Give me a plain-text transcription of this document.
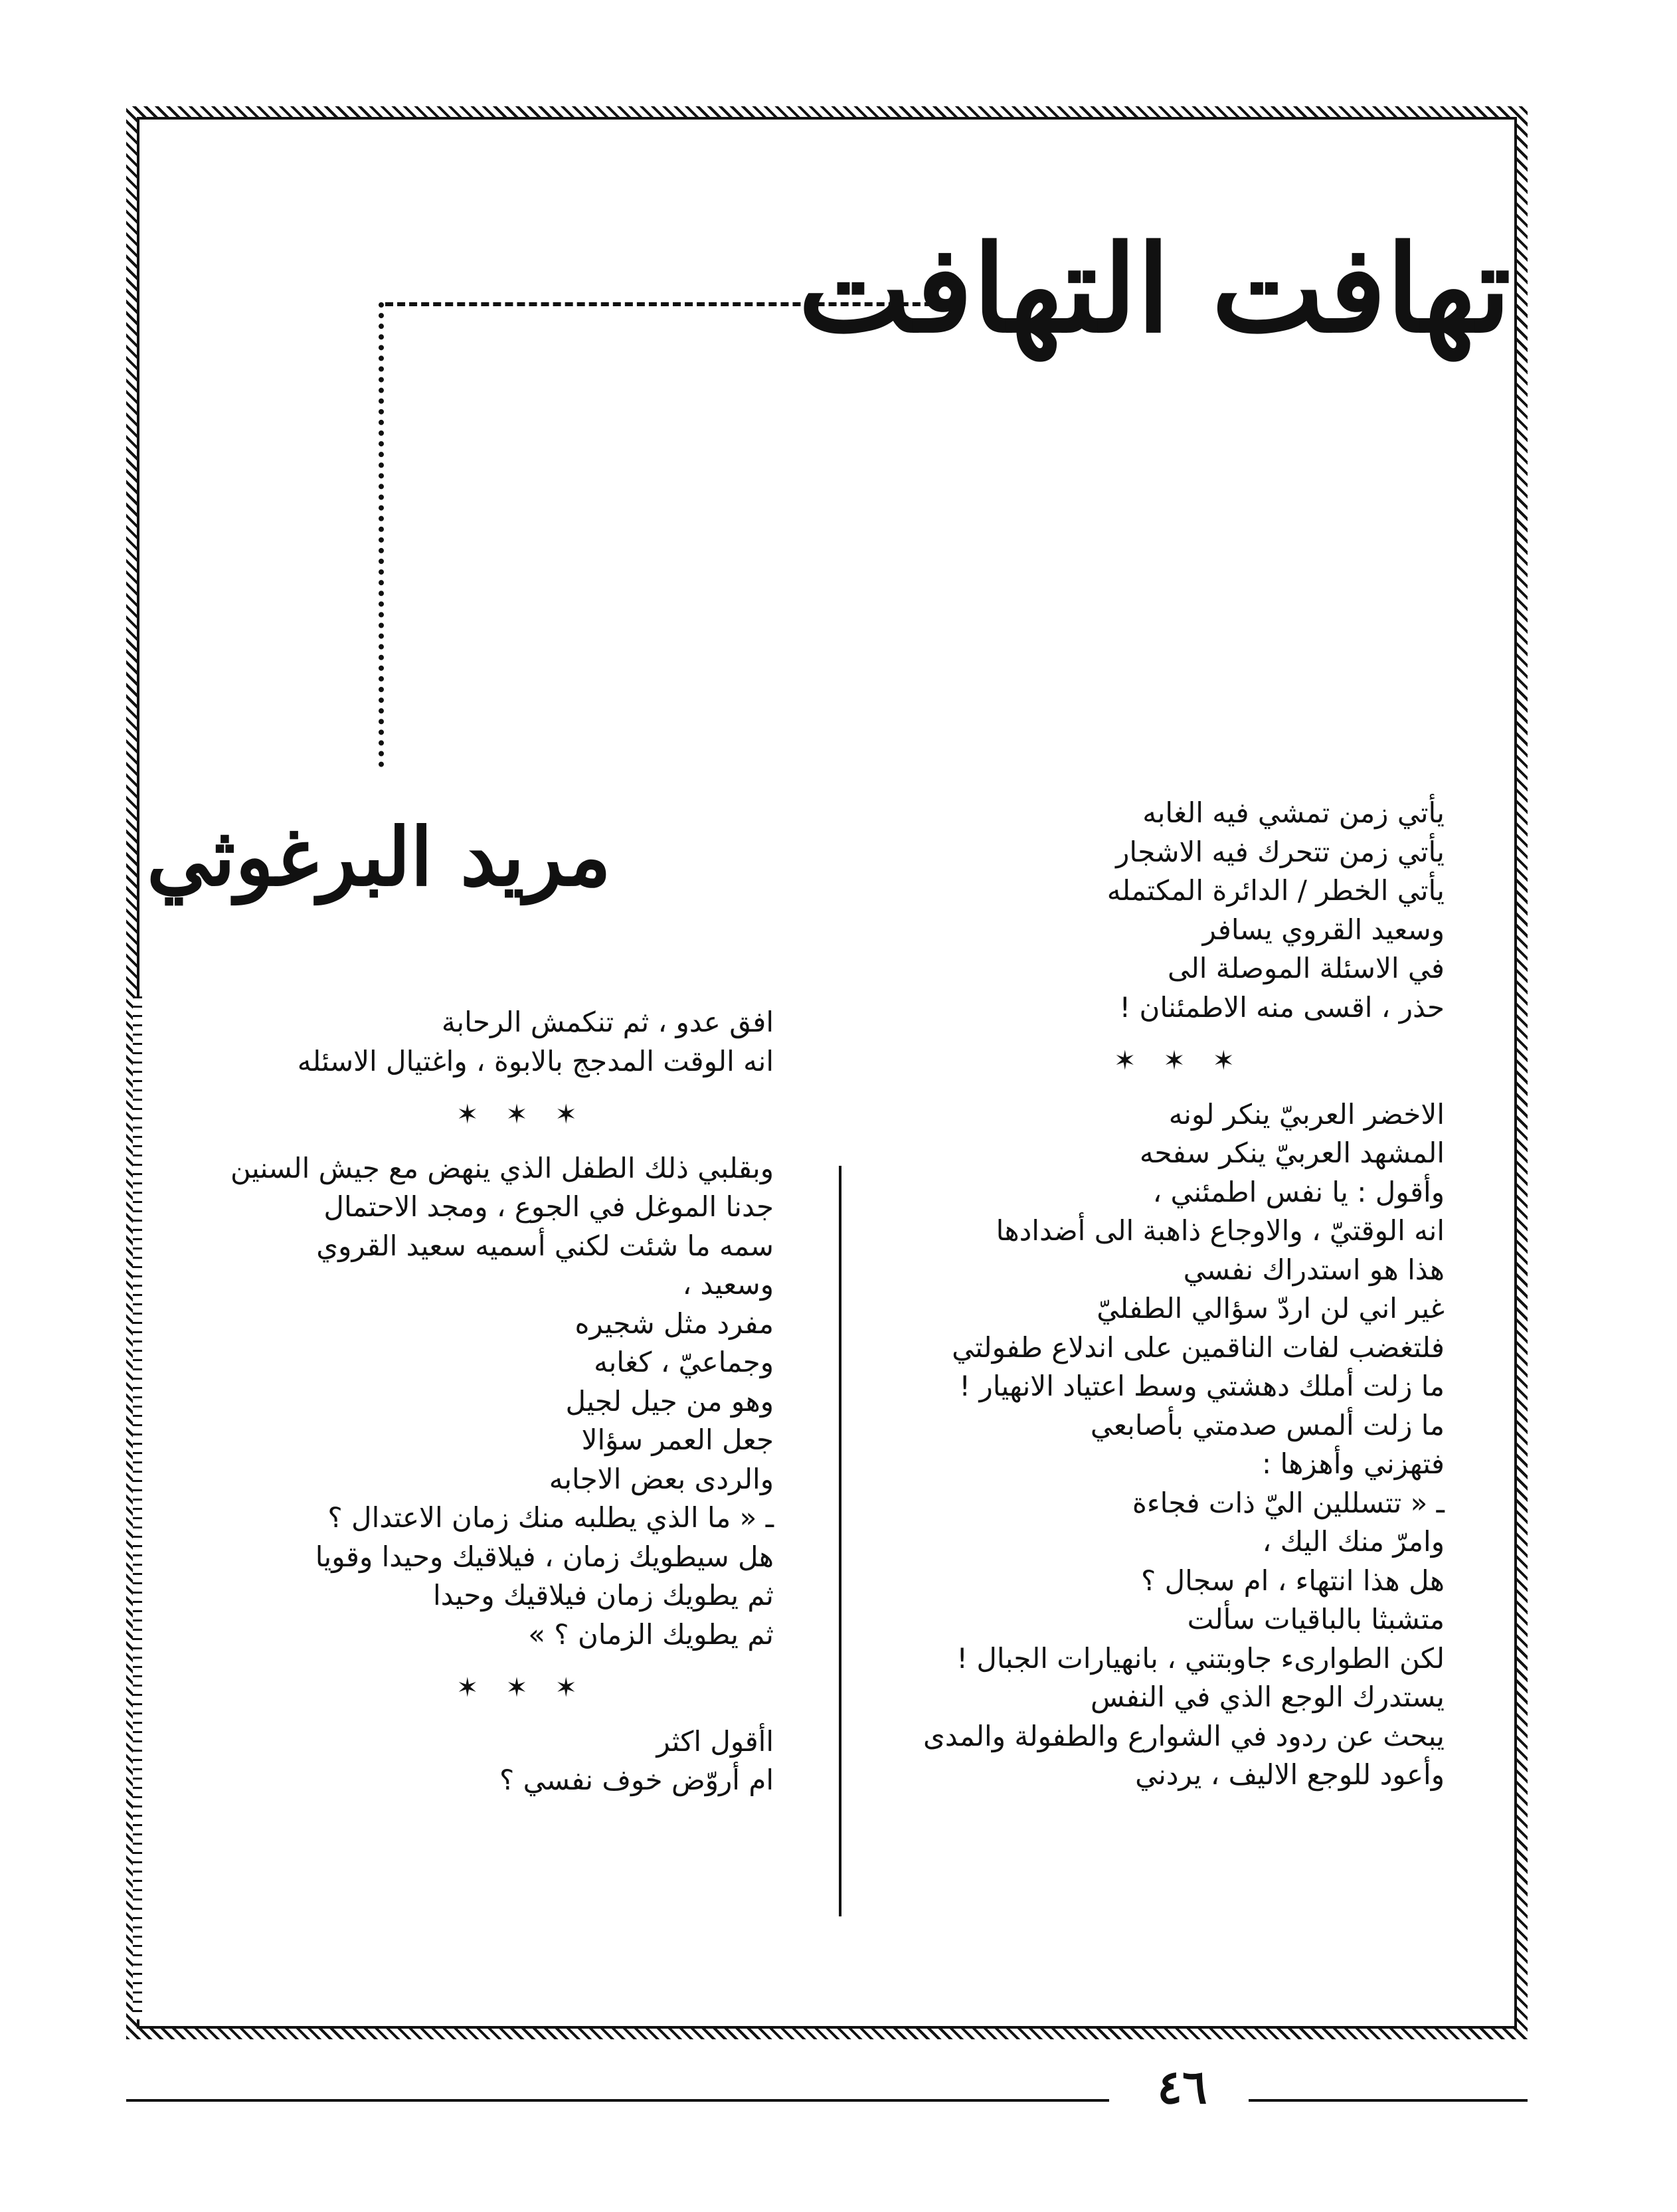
تهافت التهافت
مريد البرغوثي	يأتي زمن تمشي فيه الغابه
يأتي زمن تتحرك فيه الاشجار
يأتي الخطر / الدائرة المكتمله
وسعيد القروي يسافر
في الاسئلة الموصلة الى
حذر ، اقسى منه الاطمئنان !
✶ ✶ ✶
الاخضر العربيّ ينكر لونه
المشهد العربيّ ينكر سفحه
وأقول : يا نفس اطمئني ،
انه الوقتيّ ، والاوجاع ذاهبة الى أضدادها
هذا هو استدراك نفسي
غير اني لن اردّ سؤالي الطفليّ
فلتغضب لفات الناقمين على اندلاع طفولتي
ما زلت أملك دهشتي وسط اعتياد الانهيار !
ما زلت ألمس صدمتي بأصابعي
فتهزني وأهزها :
ـ « تتسللين اليّ ذات فجاءة
وامرّ منك اليك ،
هل هذا انتهاء ، ام سجال ؟
متشبثا بالباقيات سألت
لكن الطوارىء جاوبتني ، بانهيارات الجبال !
يستدرك الوجع الذي في النفس
يبحث عن ردود في الشوارع والطفولة والمدى
وأعود للوجع الاليف ، يردني
افق عدو ، ثم تنكمش الرحابة
انه الوقت المدجج بالابوة ، واغتيال الاسئله
✶ ✶ ✶
وبقلبي ذلك الطفل الذي ينهض مع جيش السنين
جدنا الموغل في الجوع ، ومجد الاحتمال
سمه ما شئت لكني أسميه سعيد القروي
وسعيد ،
مفرد مثل شجيره
وجماعيّ ، كغابه
وهو من جيل لجيل
جعل العمر سؤالا
والردى بعض الاجابه
ـ « ما الذي يطلبه منك زمان الاعتدال ؟
هل سيطويك زمان ، فيلاقيك وحيدا وقويا
ثم يطويك زمان فيلاقيك وحيدا
ثم يطويك الزمان ؟ »
✶ ✶ ✶
اأقول اكثر
ام أروّض خوف نفسي ؟
٤٦
